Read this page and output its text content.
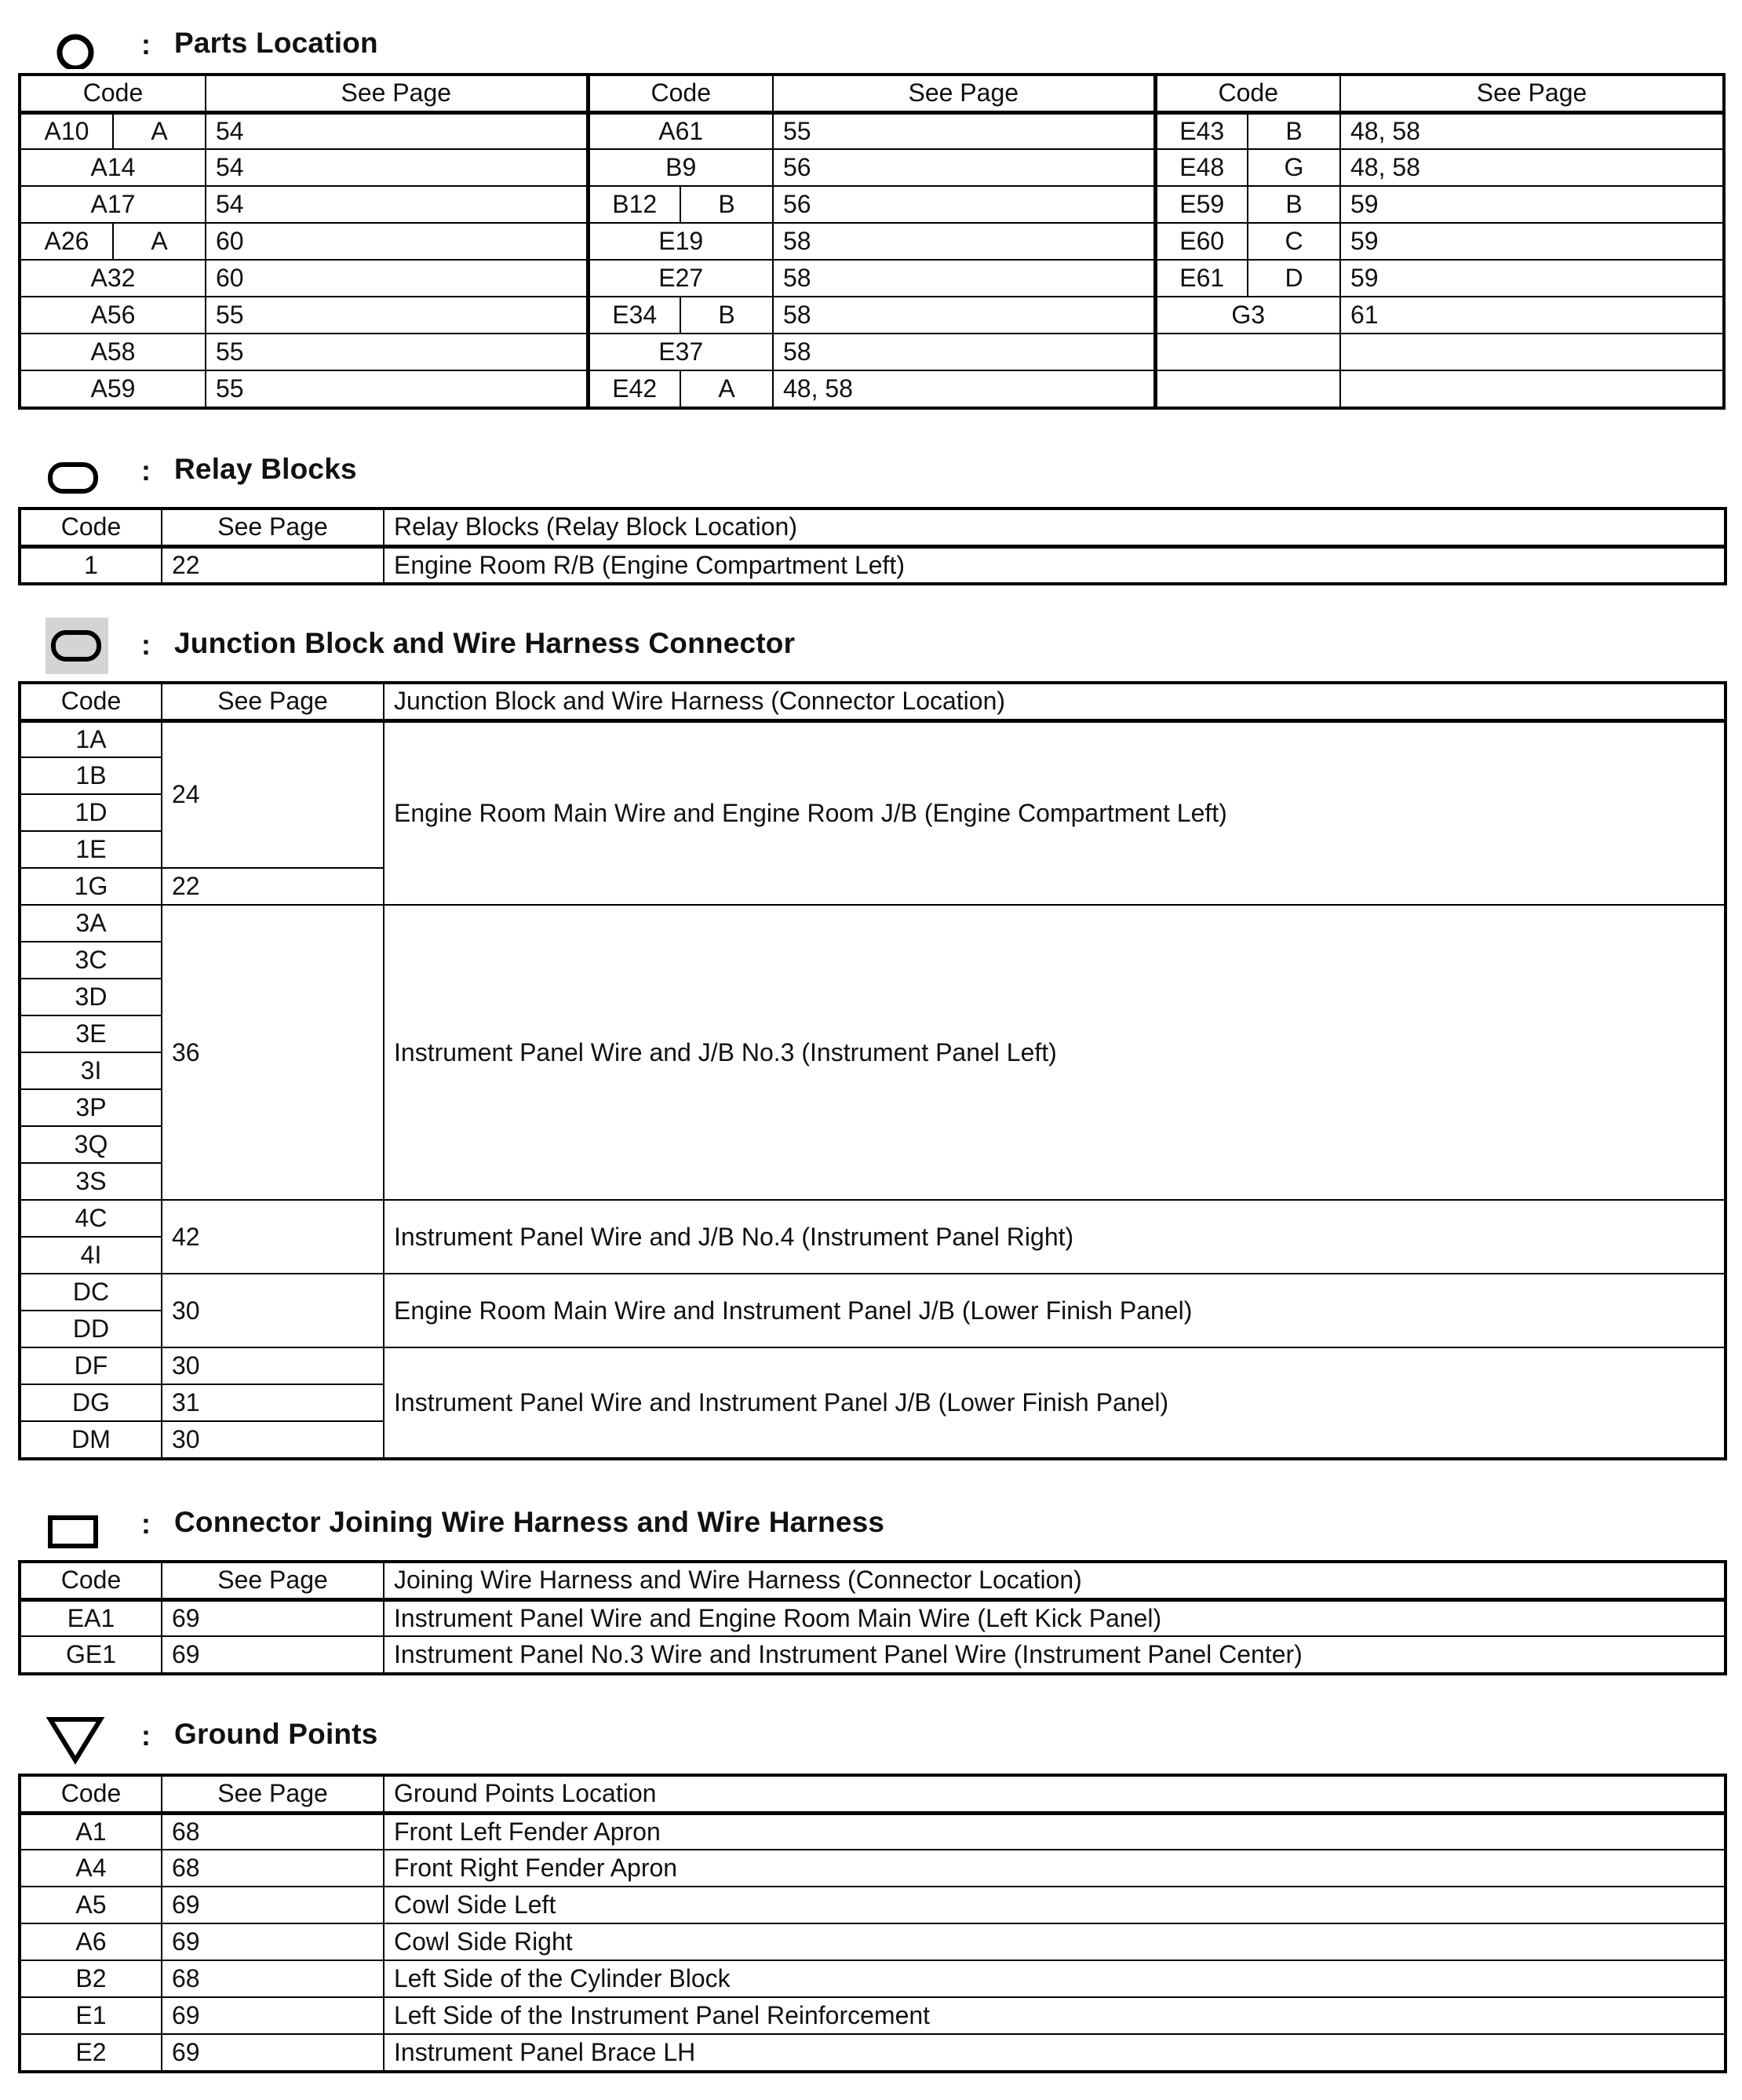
: Parts Location
Code		See Page	Code		See Page	Code		See Page
A10	A	54	A61		55	E43	B	48, 58
A14		54	B9		56	E48	G	48, 58
A17		54	B12	B	56	E59	B	59
A26	A	60	E19		58	E60	C	59
A32		60	E27		58	E61	D	59
A56		55	E34	B	58	G3		61
A58		55	E37		58			
A59		55	E42	A	48, 58			
: Relay Blocks
Code	See Page	Relay Blocks (Relay Block Location)
1	22	Engine Room R/B (Engine Compartment Left)
: Junction Block and Wire Harness Connector
Code	See Page	Junction Block and Wire Harness (Connector Location)
1A	24	Engine Room Main Wire and Engine Room J/B (Engine Compartment Left)
1B		
1D		
1E		
1G	22	
3A	36	Instrument Panel Wire and J/B No.3 (Instrument Panel Left)
3C		
3D		
3E		
3I		
3P		
3Q		
3S		
4C	42	Instrument Panel Wire and J/B No.4 (Instrument Panel Right)
4I		
DC	30	Engine Room Main Wire and Instrument Panel J/B (Lower Finish Panel)
DD		
DF	30	Instrument Panel Wire and Instrument Panel J/B (Lower Finish Panel)
DG	31	
DM	30	
: Connector Joining Wire Harness and Wire Harness
Code	See Page	Joining Wire Harness and Wire Harness (Connector Location)
EA1	69	Instrument Panel Wire and Engine Room Main Wire (Left Kick Panel)
GE1	69	Instrument Panel No.3 Wire and Instrument Panel Wire (Instrument Panel Center)
: Ground Points
Code	See Page	Ground Points Location
A1	68	Front Left Fender Apron
A4	68	Front Right Fender Apron
A5	69	Cowl Side Left
A6	69	Cowl Side Right
B2	68	Left Side of the Cylinder Block
E1	69	Left Side of the Instrument Panel Reinforcement
E2	69	Instrument Panel Brace LH
